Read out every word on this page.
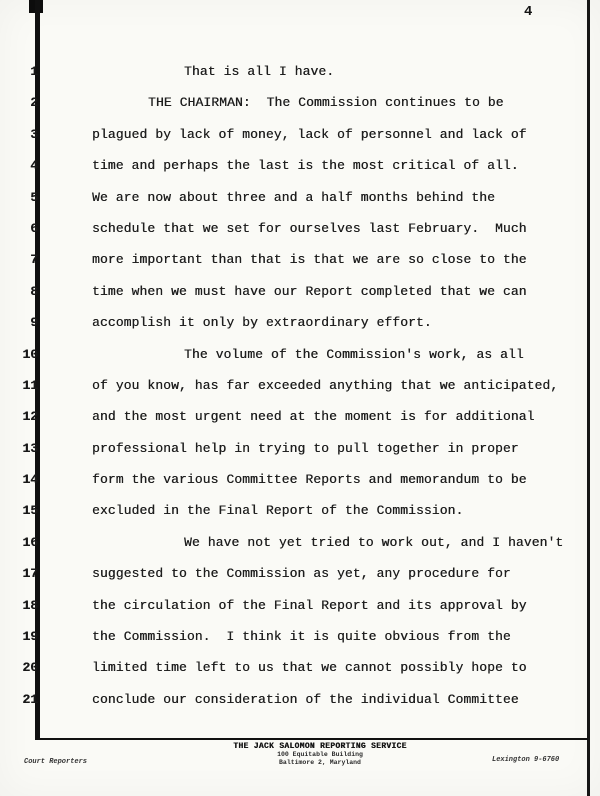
4
1	That is all I have.
2	THE CHAIRMAN:  The Commission continues to be
3	plagued by lack of money, lack of personnel and lack of
4	time and perhaps the last is the most critical of all.
5	We are now about three and a half months behind the
6	schedule that we set for ourselves last February.  Much
7	more important than that is that we are so close to the
8	time when we must have our Report completed that we can
9	accomplish it only by extraordinary effort.
10	The volume of the Commission's work, as all
11	of you know, has far exceeded anything that we anticipated,
12	and the most urgent need at the moment is for additional
13	professional help in trying to pull together in proper
14	form the various Committee Reports and memorandum to be
15	excluded in the Final Report of the Commission.
16	We have not yet tried to work out, and I haven't
17	suggested to the Commission as yet, any procedure for
18	the circulation of the Final Report and its approval by
19	the Commission.  I think it is quite obvious from the
20	limited time left to us that we cannot possibly hope to
21	conclude our consideration of the individual Committee
THE JACK SALOMON REPORTING SERVICE
100 Equitable Building
Baltimore 2, Maryland
Court Reporters	Lexington 9-6760
